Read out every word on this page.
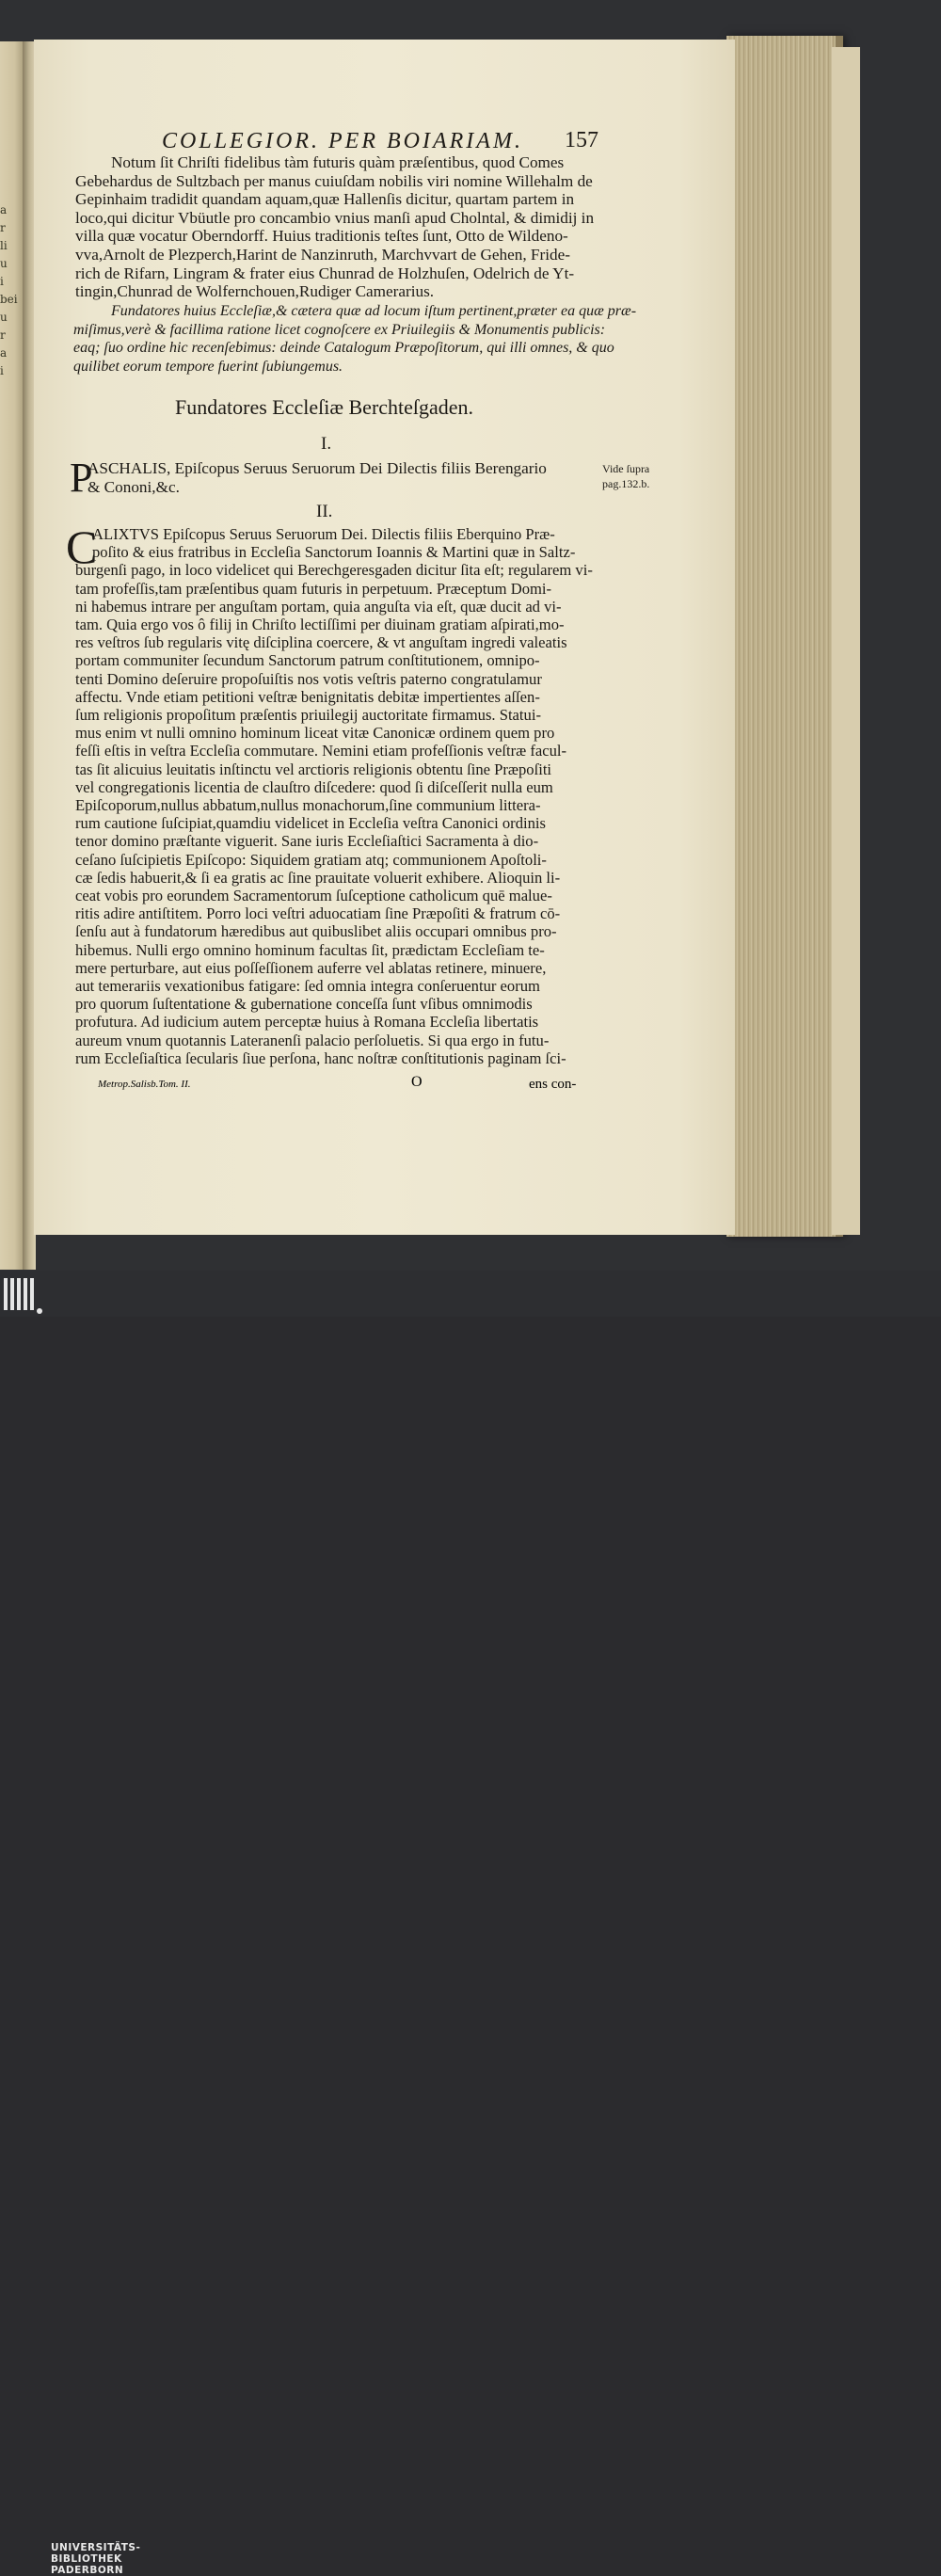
a
r
li
u
i
bei
u
r
a
i
COLLEGIOR. PER BOIARIAM.	157
Notum ſit Chriſti fidelibus tàm futuris quàm præſentibus, quod Comes
Gebehardus de Sultzbach per manus cuiuſdam nobilis viri nomine Willehalm de
Gepinhaim tradidit quandam aquam,quæ Hallenſis dicitur, quartam partem in
loco,qui dicitur Vbüutle pro concambio vnius manſi apud Cholntal, & dimidij in
villa quæ vocatur Oberndorff. Huius traditionis teſtes ſunt, Otto de Wildeno-
vva,Arnolt de Plezperch,Harint de Nanzinruth, Marchvvart de Gehen, Fride-
rich de Rifarn, Lingram & frater eius Chunrad de Holzhuſen, Odelrich de Yt-
tingin,Chunrad de Wolfernchouen,Rudiger Camerarius.
Fundatores huius Eccleſiæ,& cætera quæ ad locum iſtum pertinent,præter ea quæ præ-
miſimus,verè & facillima ratione licet cognoſcere ex Priuilegiis & Monumentis publicis:
eaq; ſuo ordine hic recenſebimus: deinde Catalogum Præpoſitorum, qui illi omnes, & quo
quilibet eorum tempore fuerint ſubiungemus.
Fundatores Eccleſiæ Berchteſgaden.
I.
P
ASCHALIS, Epiſcopus Seruus Seruorum Dei Dilectis filiis Berengario
& Cononi,&c.
Vide ſupra
pag.132.b.
II.
C
ALIXTVS Epiſcopus Seruus Seruorum Dei. Dilectis filiis Eberquino Præ-
poſito & eius fratribus in Eccleſia Sanctorum Ioannis & Martini quæ in Saltz-
burgenſi pago, in loco videlicet qui Berechgeresgaden dicitur ſita eſt; regularem vi-
tam profeſſis,tam præſentibus quam futuris in perpetuum. Præceptum Domi-
ni habemus intrare per anguſtam portam, quia anguſta via eſt, quæ ducit ad vi-
tam. Quia ergo vos ô filij in Chriſto lectiſſimi per diuinam gratiam aſpirati,mo-
res veſtros ſub regularis vitę diſciplina coercere, & vt anguſtam ingredi valeatis
portam communiter ſecundum Sanctorum patrum conſtitutionem, omnipo-
tenti Domino deſeruire propoſuiſtis nos votis veſtris paterno congratulamur
affectu. Vnde etiam petitioni veſtræ benignitatis debitæ impertientes aſſen-
ſum religionis propoſitum præſentis priuilegij auctoritate firmamus. Statui-
mus enim vt nulli omnino hominum liceat vitæ Canonicæ ordinem quem pro
feſſi eſtis in veſtra Eccleſia commutare. Nemini etiam profeſſionis veſtræ facul-
tas ſit alicuius leuitatis inſtinctu vel arctioris religionis obtentu ſine Præpoſiti
vel congregationis licentia de clauſtro diſcedere: quod ſi diſceſſerit nulla eum
Epiſcoporum,nullus abbatum,nullus monachorum,ſine communium littera-
rum cautione ſuſcipiat,quamdiu videlicet in Eccleſia veſtra Canonici ordinis
tenor domino præſtante viguerit. Sane iuris Eccleſiaſtici Sacramenta à dio-
ceſano ſuſcipietis Epiſcopo: Siquidem gratiam atq; communionem Apoſtoli-
cæ ſedis habuerit,& ſi ea gratis ac ſine prauitate voluerit exhibere. Alioquin li-
ceat vobis pro eorundem Sacramentorum ſuſceptione catholicum quē malue-
ritis adire antiſtitem. Porro loci veſtri aduocatiam ſine Præpoſiti & fratrum cō-
ſenſu aut à fundatorum hæredibus aut quibuslibet aliis occupari omnibus pro-
hibemus. Nulli ergo omnino hominum facultas ſit, prædictam Eccleſiam te-
mere perturbare, aut eius poſſeſſionem auferre vel ablatas retinere, minuere,
aut temerariis vexationibus fatigare: ſed omnia integra conſeruentur eorum
pro quorum ſuſtentatione & gubernatione conceſſa ſunt vſibus omnimodis
profutura. Ad iudicium autem perceptæ huius à Romana Eccleſia libertatis
aureum vnum quotannis Lateranenſi palacio perſoluetis. Si qua ergo in futu-
rum Eccleſiaſtica ſecularis ſiue perſona, hanc noſtræ conſtitutionis paginam ſci-
Metrop.Salisb.Tom. II.	O	ens con-
UNIVERSITÄTS-
BIBLIOTHEK
PADERBORN
